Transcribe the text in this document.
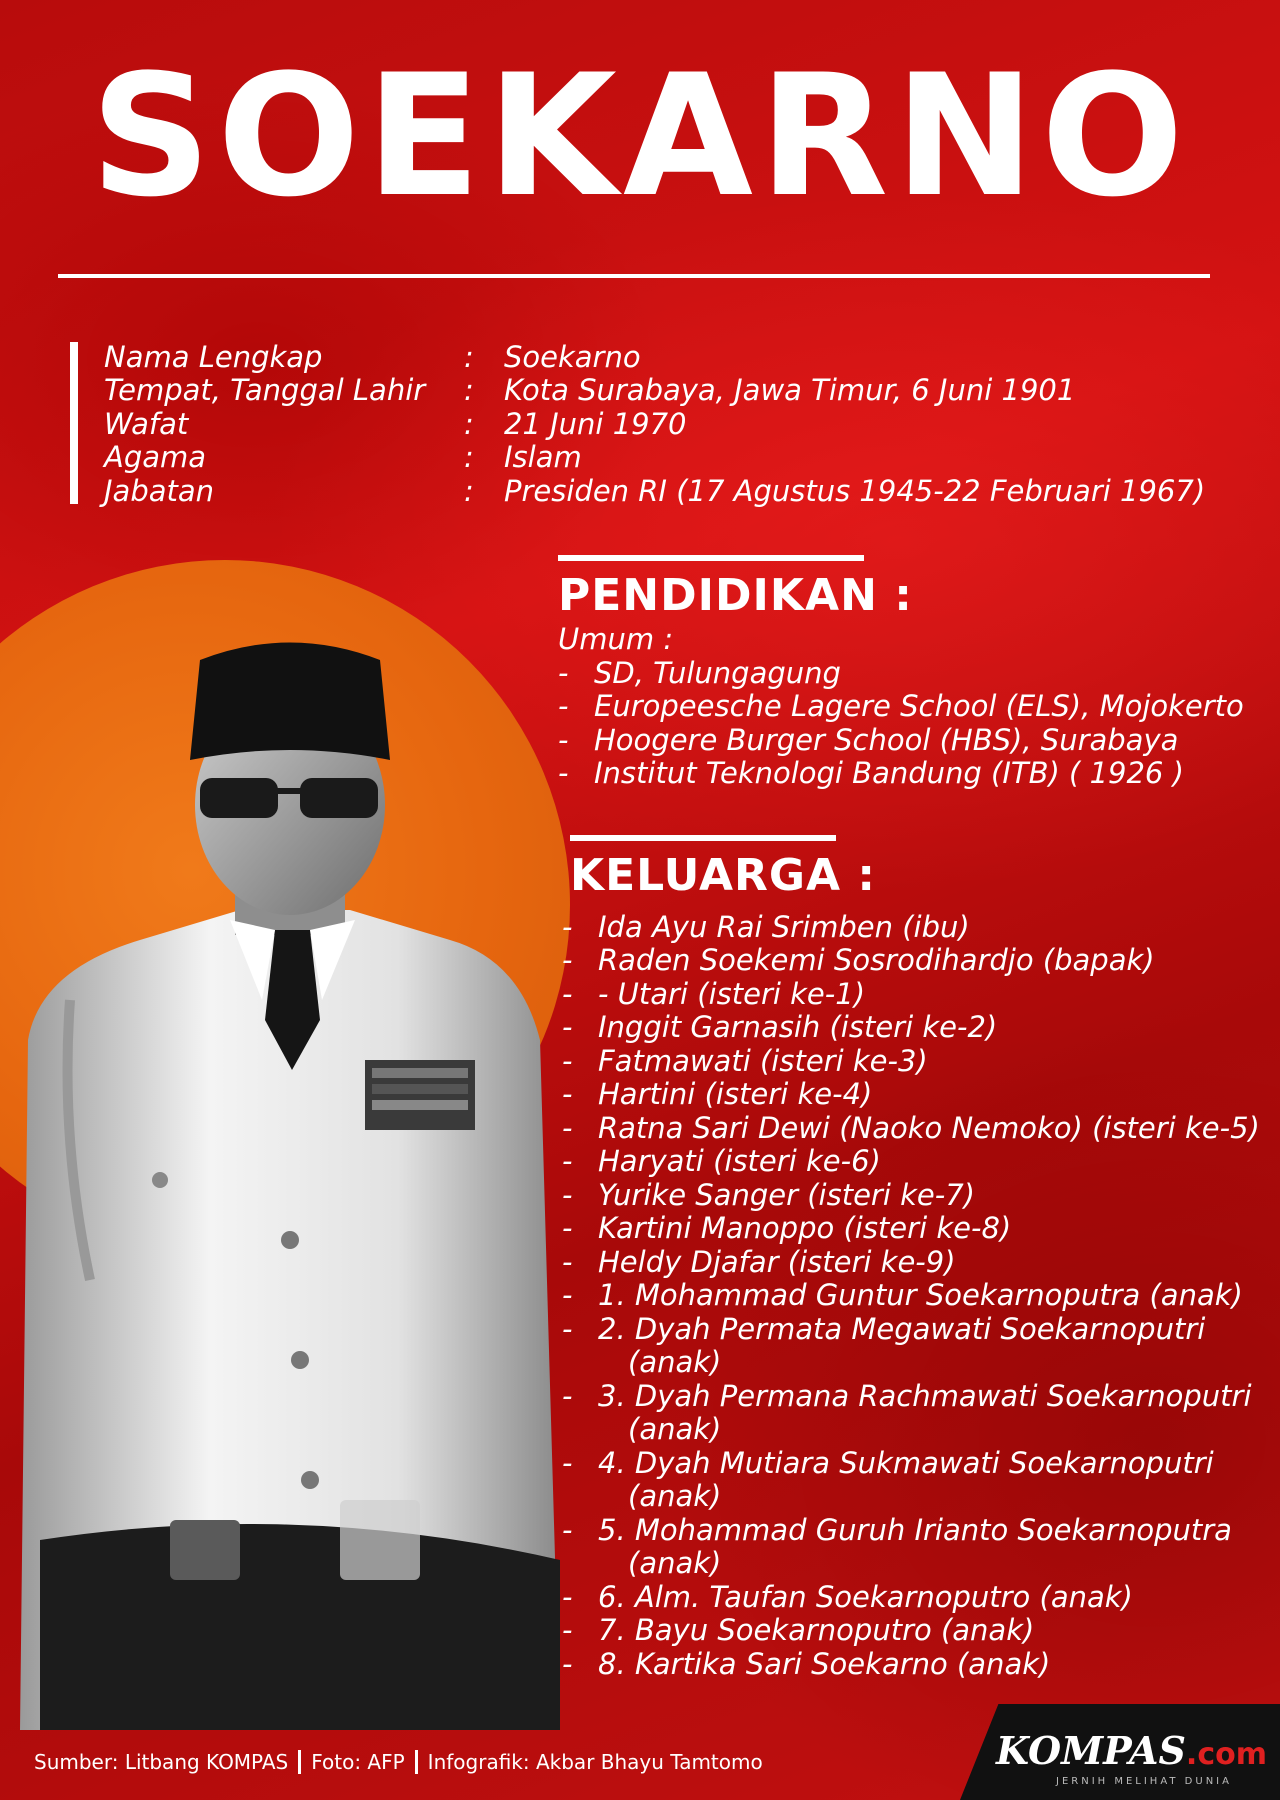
SOEKARNO
Nama Lengkap	:	Soekarno
Tempat, Tanggal Lahir	:	Kota Surabaya, Jawa Timur, 6 Juni 1901
Wafat	:	21 Juni 1970
Agama	:	Islam
Jabatan	:	Presiden RI (17 Agustus 1945-22 Februari 1967)
PENDIDIKAN :
Umum :
- SD, Tulungagung
- Europeesche Lagere School (ELS), Mojokerto
- Hoogere Burger School (HBS), Surabaya
- Institut Teknologi Bandung (ITB) ( 1926 )
KELUARGA :
- Ida Ayu Rai Srimben (ibu)
- Raden Soekemi Sosrodihardjo (bapak)
- - Utari (isteri ke-1)
- Inggit Garnasih (isteri ke-2)
- Fatmawati (isteri ke-3)
- Hartini (isteri ke-4)
- Ratna Sari Dewi (Naoko Nemoko) (isteri ke-5)
- Haryati (isteri ke-6)
- Yurike Sanger (isteri ke-7)
- Kartini Manoppo (isteri ke-8)
- Heldy Djafar (isteri ke-9)
- 1. Mohammad Guntur Soekarnoputra (anak)
- 2. Dyah Permata Megawati Soekarnoputri
(anak)
- 3. Dyah Permana Rachmawati Soekarnoputri
(anak)
- 4. Dyah Mutiara Sukmawati Soekarnoputri
(anak)
- 5. Mohammad Guruh Irianto Soekarnoputra
(anak)
- 6. Alm. Taufan Soekarnoputro (anak)
- 7. Bayu Soekarnoputro (anak)
- 8. Kartika Sari Soekarno (anak)
Sumber: Litbang KOMPAS Foto: AFP Infografik: Akbar Bhayu Tamtomo	KOMPAS.com
JERNIH MELIHAT DUNIA
